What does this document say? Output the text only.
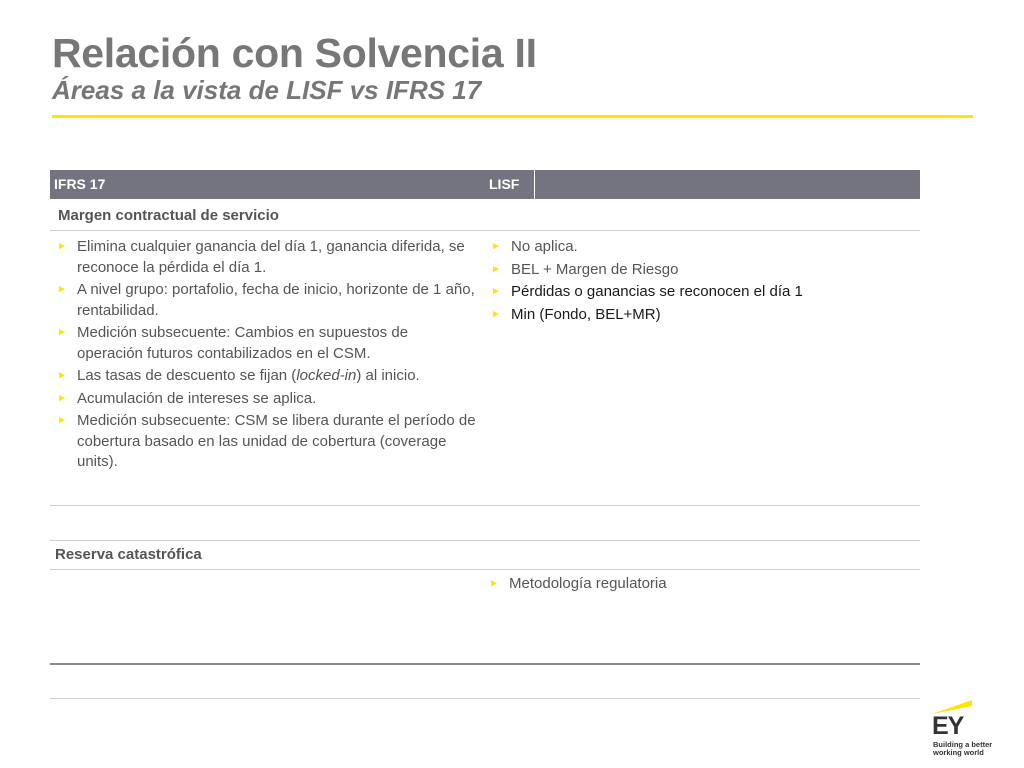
Relación con Solvencia II
Áreas a la vista de LISF vs IFRS 17
IFRS 17	LISF
Margen contractual de servicio
► Elimina cualquier ganancia del día 1, ganancia diferida, se reconoce la pérdida el día 1.
► A nivel grupo: portafolio, fecha de inicio, horizonte de 1 año, rentabilidad.
► Medición subsecuente: Cambios en supuestos de operación futuros contabilizados en el CSM.
► Las tasas de descuento se fijan (locked-in) al inicio.
► Acumulación de intereses se aplica.
► Medición subsecuente: CSM se libera durante el período de cobertura basado en las unidad de cobertura (coverage units).
► No aplica.
► BEL + Margen de Riesgo
► Pérdidas o ganancias se reconocen el día 1
► Min (Fondo, BEL+MR)
Reserva catastrófica
► Metodología regulatoria
EY
Building a better
working world
